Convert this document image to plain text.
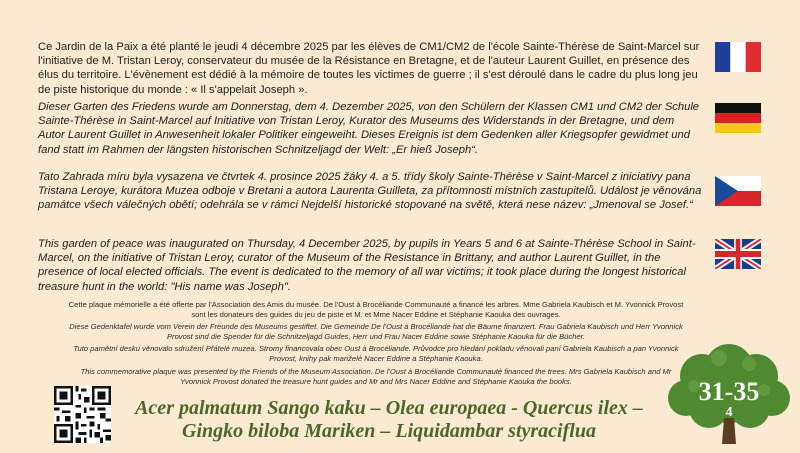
Ce Jardin de la Paix a été planté le jeudi 4 décembre 2025 par les élèves de CM1/CM2 de l'école Sainte-Thérèse de Saint-Marcel sur l'initiative de M. Tristan Leroy, conservateur du musée de la Résistance en Bretagne, et de l'auteur Laurent Guillet, en présence des élus du territoire. L'évènement est dédié à la mémoire de toutes les victimes de guerre ; il s'est déroulé dans le cadre du plus long jeu de piste historique du monde : « Il s'appelait Joseph ».

Dieser Garten des Friedens wurde am Donnerstag, dem 4. Dezember 2025, von den Schülern der Klassen CM1 und CM2 der Schule Sainte-Thérèse in Saint-Marcel auf Initiative von Tristan Leroy, Kurator des Museums des Widerstands in der Bretagne, und dem Autor Laurent Guillet in Anwesenheit lokaler Politiker eingeweiht. Dieses Ereignis ist dem Gedenken aller Kriegsopfer gewidmet und fand statt im Rahmen der längsten historischen Schnitzeljagd der Welt: „Er hieß Joseph“.

Tato Zahrada míru byla vysazena ve čtvrtek 4. prosince 2025 žáky 4. a 5. třídy školy Sainte-Thérèse v Saint-Marcel z iniciativy pana Tristana Leroye, kurátora Muzea odboje v Bretani a autora Laurenta Guilleta, za přítomnosti místních zastupitelů. Událost je věnována památce všech válečných obětí; odehrála se v rámci Nejdelší historické stopované na světě, která nese název: „Jmenoval se Josef.“

This garden of peace was inaugurated on Thursday, 4 December 2025, by pupils in Years 5 and 6 at Sainte-Thérèse School in Saint-Marcel, on the initiative of Tristan Leroy, curator of the Museum of the Resistance in Brittany, and author Laurent Guillet, in the presence of local elected officials. The event is dedicated to the memory of all war victims; it took place during the longest historical treasure hunt in the world: "His name was Joseph".

Cette plaque mémorielle a été offerte par l'Association des Amis du musée. De l'Oust à Brocéliande Communauté a financé les arbres. Mme Gabriela Kaubisch et M. Yvonnick Provost sont les donateurs des guides du jeu de piste et M. et Mme Nacer Eddine et Stéphanie Kaouka des ouvrages.

Diese Gedenktafel wurde vom Verein der Freunde des Museums gestiftet. Die Gemeinde De l'Oust à Brocéliande hat die Bäume finanziert. Frau Gabriela Kaubisch und Herr Yvonnick Provost sind die Spender für die Schnitzeljagd Guides, Herr und Frau Nacer Eddine sowie Stéphanie Kaouka für die Bücher.

Tuto pamětní desku věnovalo sdružení Přátelé muzea. Stromy financovala obec Oust à Brocéliande. Průvodce pro hledání pokladu věnovali paní Gabriela Kaubisch a pan Yvonnick Provost, knihy pak manželé Nacer Eddine a Stéphanie Kaouka.

This commemorative plaque was presented by the Friends of the Museum Association. De l'Oust à Brocéliande Communauté financed the trees. Mrs Gabriela Kaubisch and Mr Yvonnick Provost donated the treasure hunt guides and Mr and Mrs Nacer Eddine and Stéphanie Kaouka the books.

Acer palmatum Sango kaku – Olea europaea - Quercus ilex –
Gingko biloba Mariken – Liquidambar styraciflua

31-35
4
